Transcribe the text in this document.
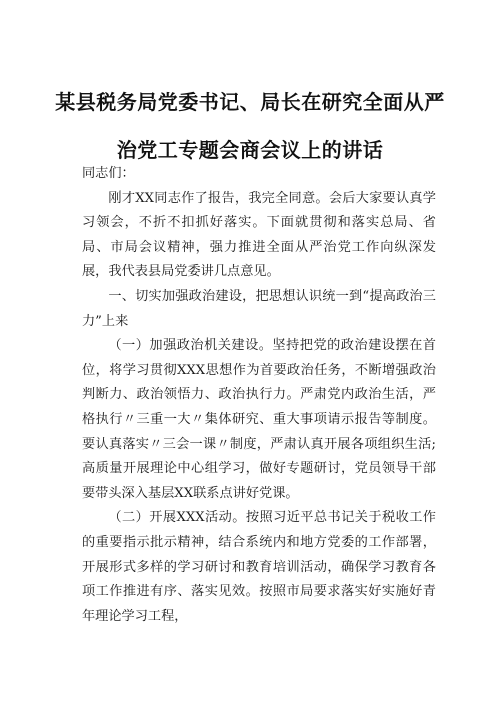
某县税务局党委书记、局长在研究全面从严
治党工专题会商会议上的讲话

同志们：

刚才XX同志作了报告，我完全同意。会后大家要认真学习领会，不折不扣抓好落实。下面就贯彻和落实总局、省局、市局会议精神，强力推进全面从严治党工作向纵深发展，我代表县局党委讲几点意见。

一、切实加强政治建设，把思想认识统一到“提高政治三力”上来

（一）加强政治机关建设。坚持把党的政治建设摆在首位，将学习贯彻XXX思想作为首要政治任务，不断增强政治判断力、政治领悟力、政治执行力。严肃党内政治生活，严格执行〃三重一大〃集体研究、重大事项请示报告等制度。要认真落实〃三会一课〃制度，严肃认真开展各项组织生活;高质量开展理论中心组学习，做好专题研讨，党员领导干部要带头深入基层XX联系点讲好党课。

（二）开展XXX活动。按照习近平总书记关于税收工作的重要指示批示精神，结合系统内和地方党委的工作部署，开展形式多样的学习研讨和教育培训活动，确保学习教育各项工作推进有序、落实见效。按照市局要求落实好实施好青年理论学习工程，
